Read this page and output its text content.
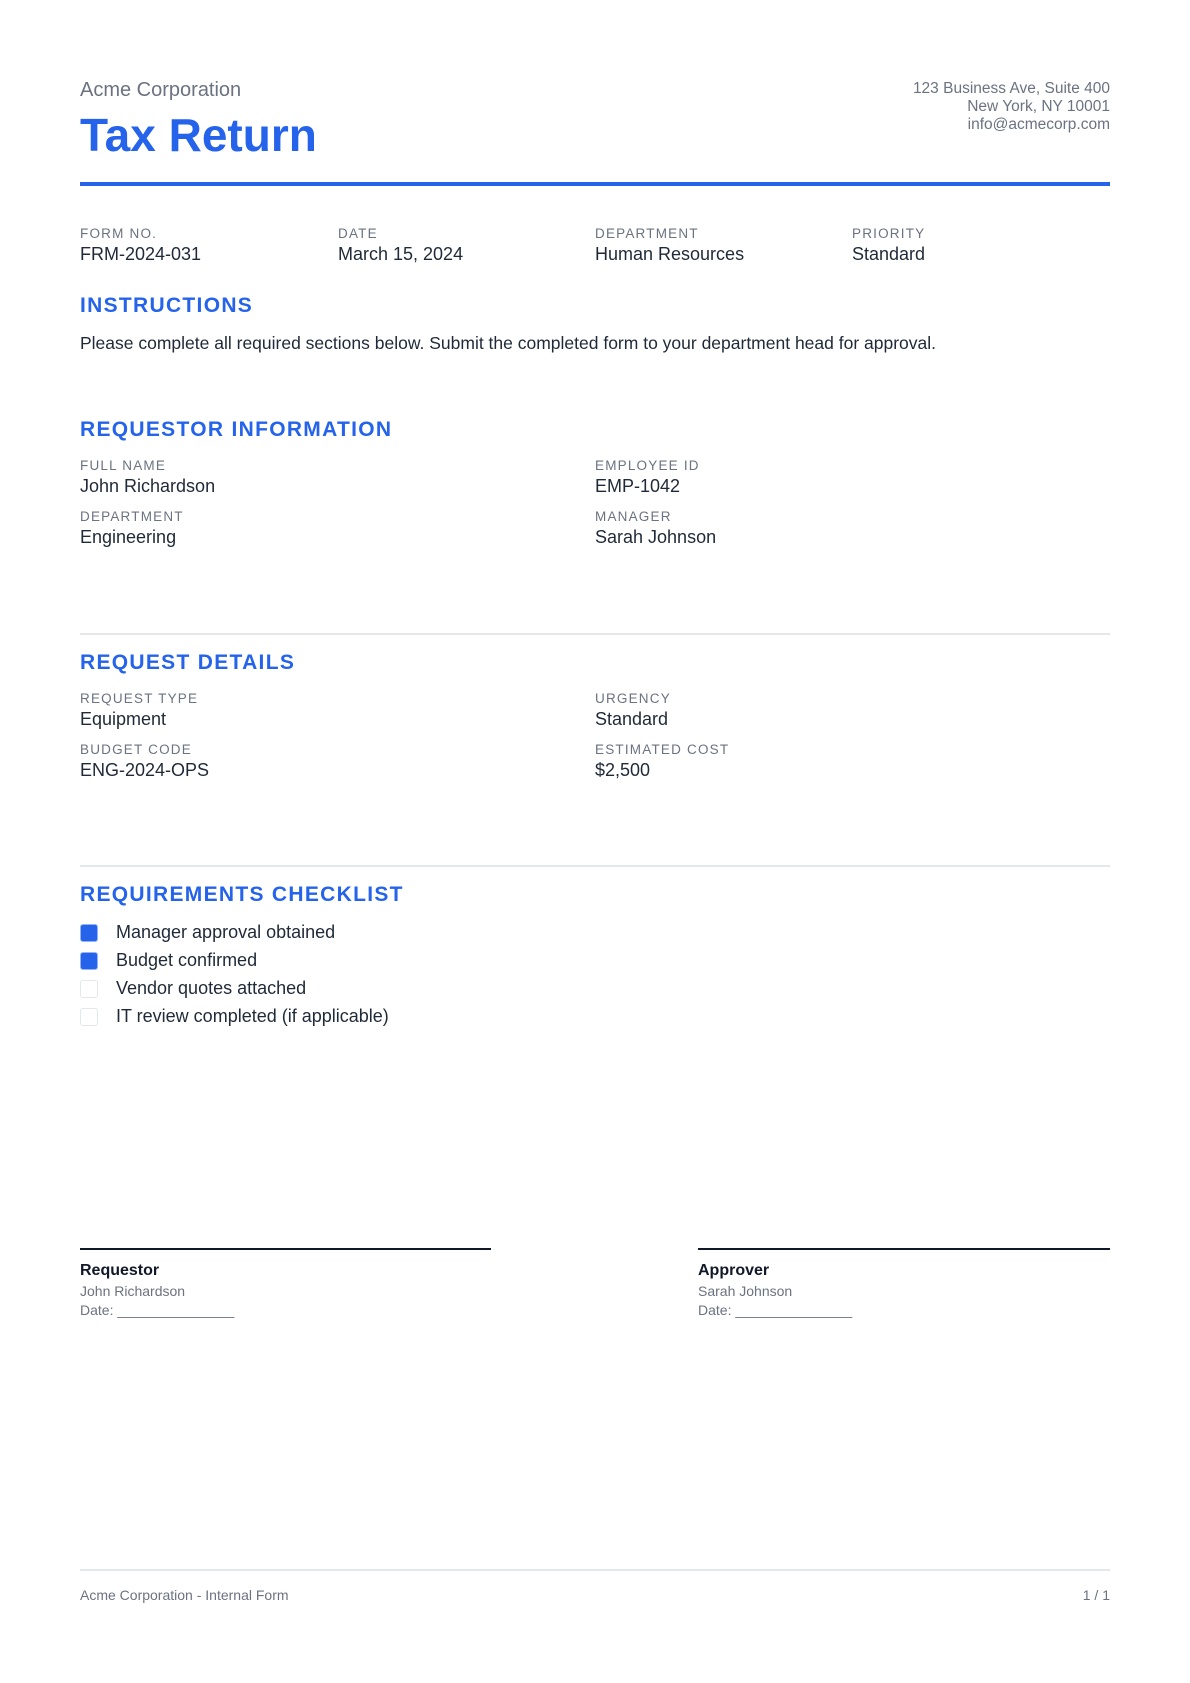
Acme Corporation
Tax Return
123 Business Ave, Suite 400
New York, NY 10001
info@acmecorp.com
FORM NO.
FRM-2024-031
DATE
March 15, 2024
DEPARTMENT
Human Resources
PRIORITY
Standard
INSTRUCTIONS
Please complete all required sections below. Submit the completed form to your department head for approval.
REQUESTOR INFORMATION
FULL NAME
John Richardson
EMPLOYEE ID
EMP-1042
DEPARTMENT
Engineering
MANAGER
Sarah Johnson
REQUEST DETAILS
REQUEST TYPE
Equipment
URGENCY
Standard
BUDGET CODE
ENG-2024-OPS
ESTIMATED COST
$2,500
REQUIREMENTS CHECKLIST
Manager approval obtained
Budget confirmed
Vendor quotes attached
IT review completed (if applicable)
Requestor
John Richardson
Date: _______________
Approver
Sarah Johnson
Date: _______________
Acme Corporation - Internal Form	1 / 1
